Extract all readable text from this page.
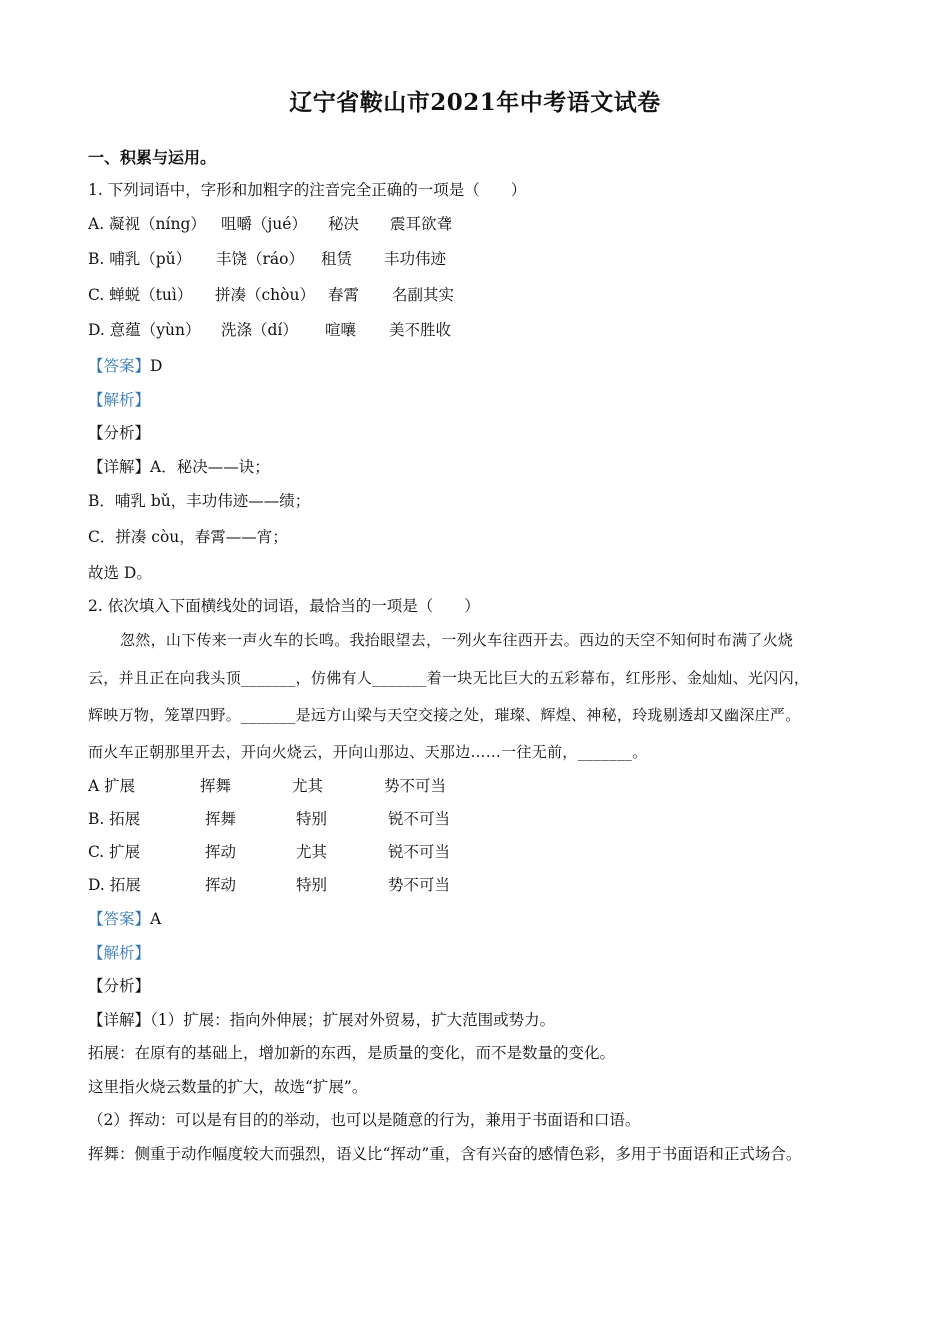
辽宁省鞍山市2021年中考语文试卷
一、积累与运用。
1. 下列词语中，字形和加粗字的注音完全正确的一项是（　　）
A. 凝视（níng） 咀嚼（jué） 秘决 震耳欲聋
B. 哺乳（pǔ） 丰饶（ráo） 租赁 丰功伟迹
C. 蝉蜕（tuì） 拼凑（chòu） 春霄 名副其实
D. 意蕴（yùn） 洗涤（dí） 喧嚷 美不胜收
【答案】D
【解析】
【分析】
【详解】A．秘决——诀；
B．哺乳 bǔ，丰功伟迹——绩；
C．拼凑 còu，春霄——宵；
故选 D。
2. 依次填入下面横线处的词语，最恰当的一项是（　　）
忽然，山下传来一声火车的长鸣。我抬眼望去，一列火车往西开去。西边的天空不知何时布满了火烧
云，并且正在向我头顶_______，仿佛有人_______着一块无比巨大的五彩幕布，红彤彤、金灿灿、光闪闪，
辉映万物，笼罩四野。_______是远方山梁与天空交接之处，璀璨、辉煌、神秘，玲珑剔透却又幽深庄严。
而火车正朝那里开去，开向火烧云，开向山那边、天那边……一往无前，_______。
A 扩展	挥舞	尤其	势不可当
B. 拓展	挥舞	特别	锐不可当
C. 扩展	挥动	尤其	锐不可当
D. 拓展	挥动	特别	势不可当
【答案】A
【解析】
【分析】
【详解】（1）扩展：指向外伸展；扩展对外贸易，扩大范围或势力。
拓展：在原有的基础上，增加新的东西，是质量的变化，而不是数量的变化。
这里指火烧云数量的扩大，故选“扩展”。
（2）挥动：可以是有目的的举动，也可以是随意的行为，兼用于书面语和口语。
挥舞：侧重于动作幅度较大而强烈，语义比“挥动”重，含有兴奋的感情色彩，多用于书面语和正式场合。
